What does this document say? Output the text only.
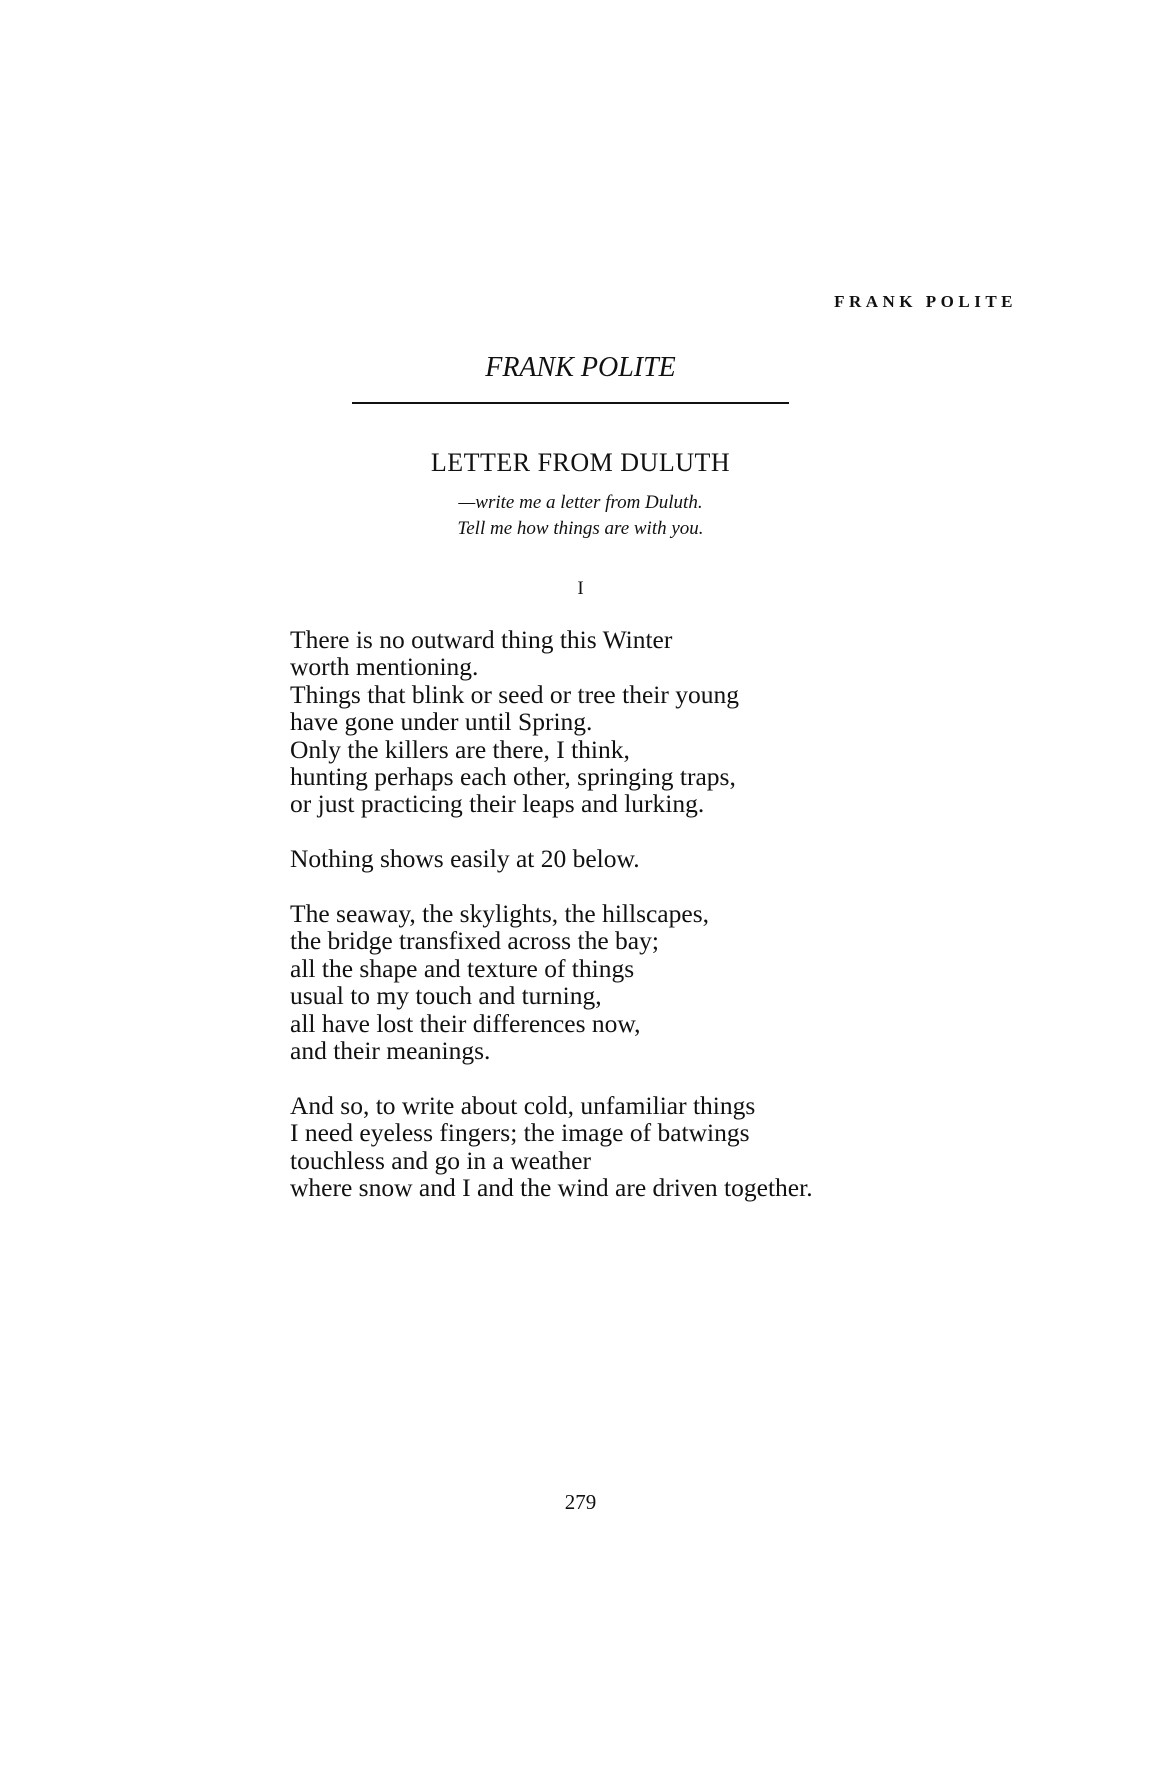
FRANK POLITE
FRANK POLITE
LETTER FROM DULUTH
—write me a letter from Duluth.
Tell me how things are with you.
I
There is no outward thing this Winter
worth mentioning.
Things that blink or seed or tree their young
have gone under until Spring.
Only the killers are there, I think,
hunting perhaps each other, springing traps,
or just practicing their leaps and lurking.
Nothing shows easily at 20 below.
The seaway, the skylights, the hillscapes,
the bridge transfixed across the bay;
all the shape and texture of things
usual to my touch and turning,
all have lost their differences now,
and their meanings.
And so, to write about cold, unfamiliar things
I need eyeless fingers; the image of batwings
touchless and go in a weather
where snow and I and the wind are driven together.
279
